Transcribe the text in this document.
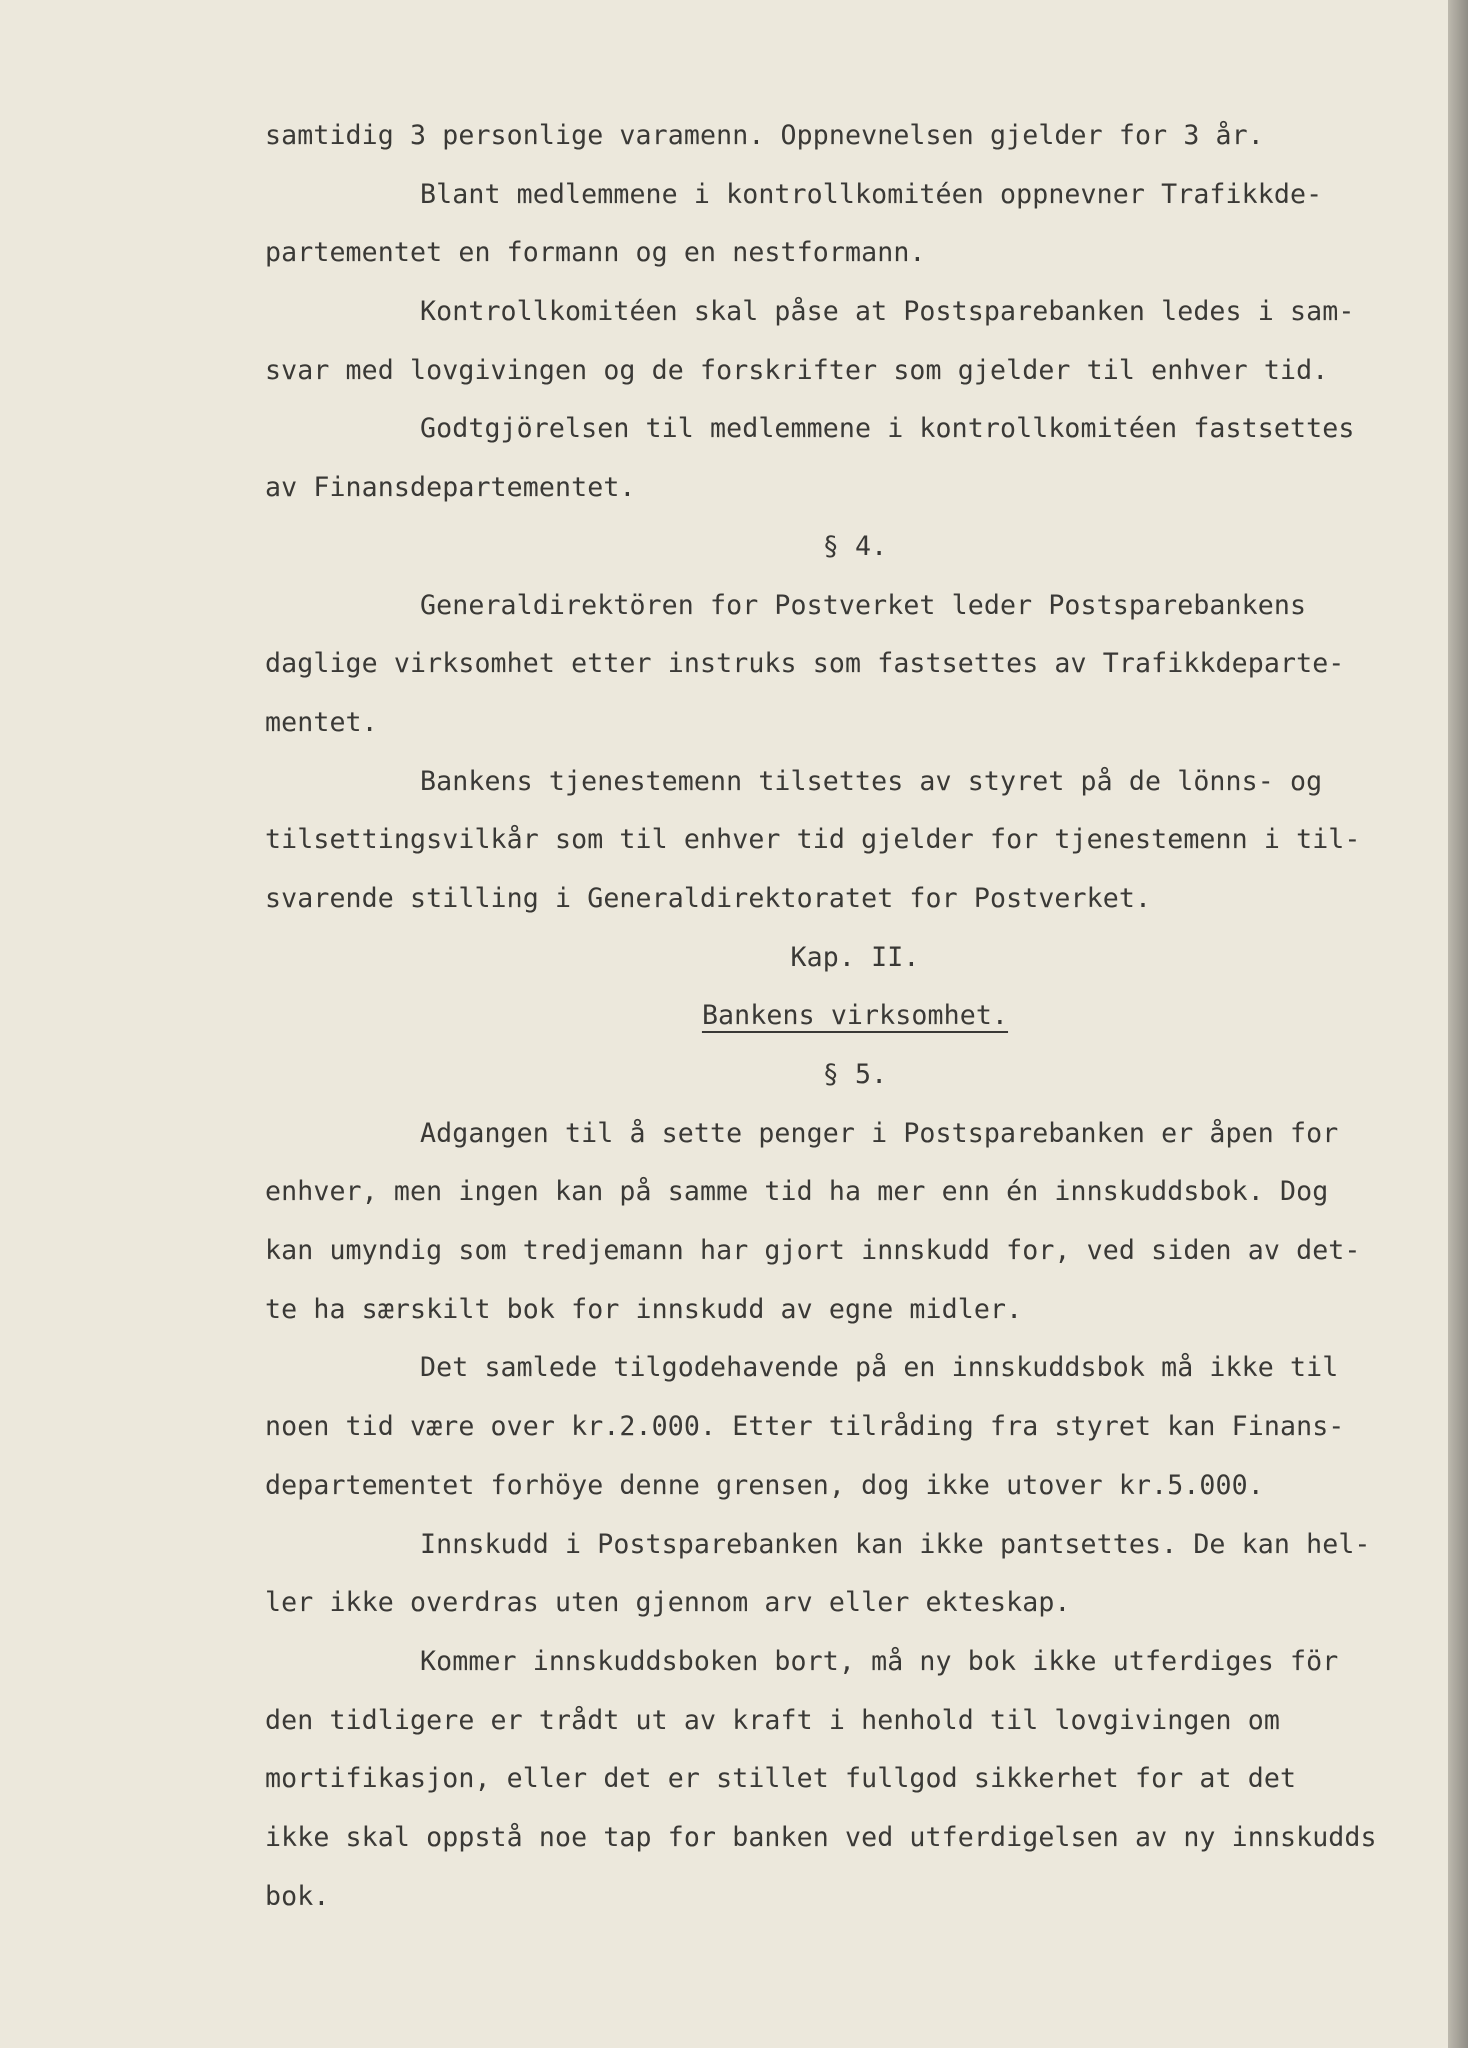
samtidig 3 personlige varamenn. Oppnevnelsen gjelder for 3 år.
Blant medlemmene i kontrollkomitéen oppnevner Trafikkde-
partementet en formann og en nestformann.
Kontrollkomitéen skal påse at Postsparebanken ledes i sam-
svar med lovgivingen og de forskrifter som gjelder til enhver tid.
Godtgjörelsen til medlemmene i kontrollkomitéen fastsettes
av Finansdepartementet.
§ 4.
Generaldirektören for Postverket leder Postsparebankens
daglige virksomhet etter instruks som fastsettes av Trafikkdeparte-
mentet.
Bankens tjenestemenn tilsettes av styret på de lönns- og
tilsettingsvilkår som til enhver tid gjelder for tjenestemenn i til-
svarende stilling i Generaldirektoratet for Postverket.
Kap. II.
Bankens virksomhet.
§ 5.
Adgangen til å sette penger i Postsparebanken er åpen for
enhver, men ingen kan på samme tid ha mer enn én innskuddsbok. Dog
kan umyndig som tredjemann har gjort innskudd for, ved siden av det-
te ha særskilt bok for innskudd av egne midler.
Det samlede tilgodehavende på en innskuddsbok må ikke til
noen tid være over kr.2.000. Etter tilråding fra styret kan Finans-
departementet forhöye denne grensen, dog ikke utover kr.5.000.
Innskudd i Postsparebanken kan ikke pantsettes. De kan hel-
ler ikke overdras uten gjennom arv eller ekteskap.
Kommer innskuddsboken bort, må ny bok ikke utferdiges för
den tidligere er trådt ut av kraft i henhold til lovgivingen om
mortifikasjon, eller det er stillet fullgod sikkerhet for at det
ikke skal oppstå noe tap for banken ved utferdigelsen av ny innskudds
bok.
